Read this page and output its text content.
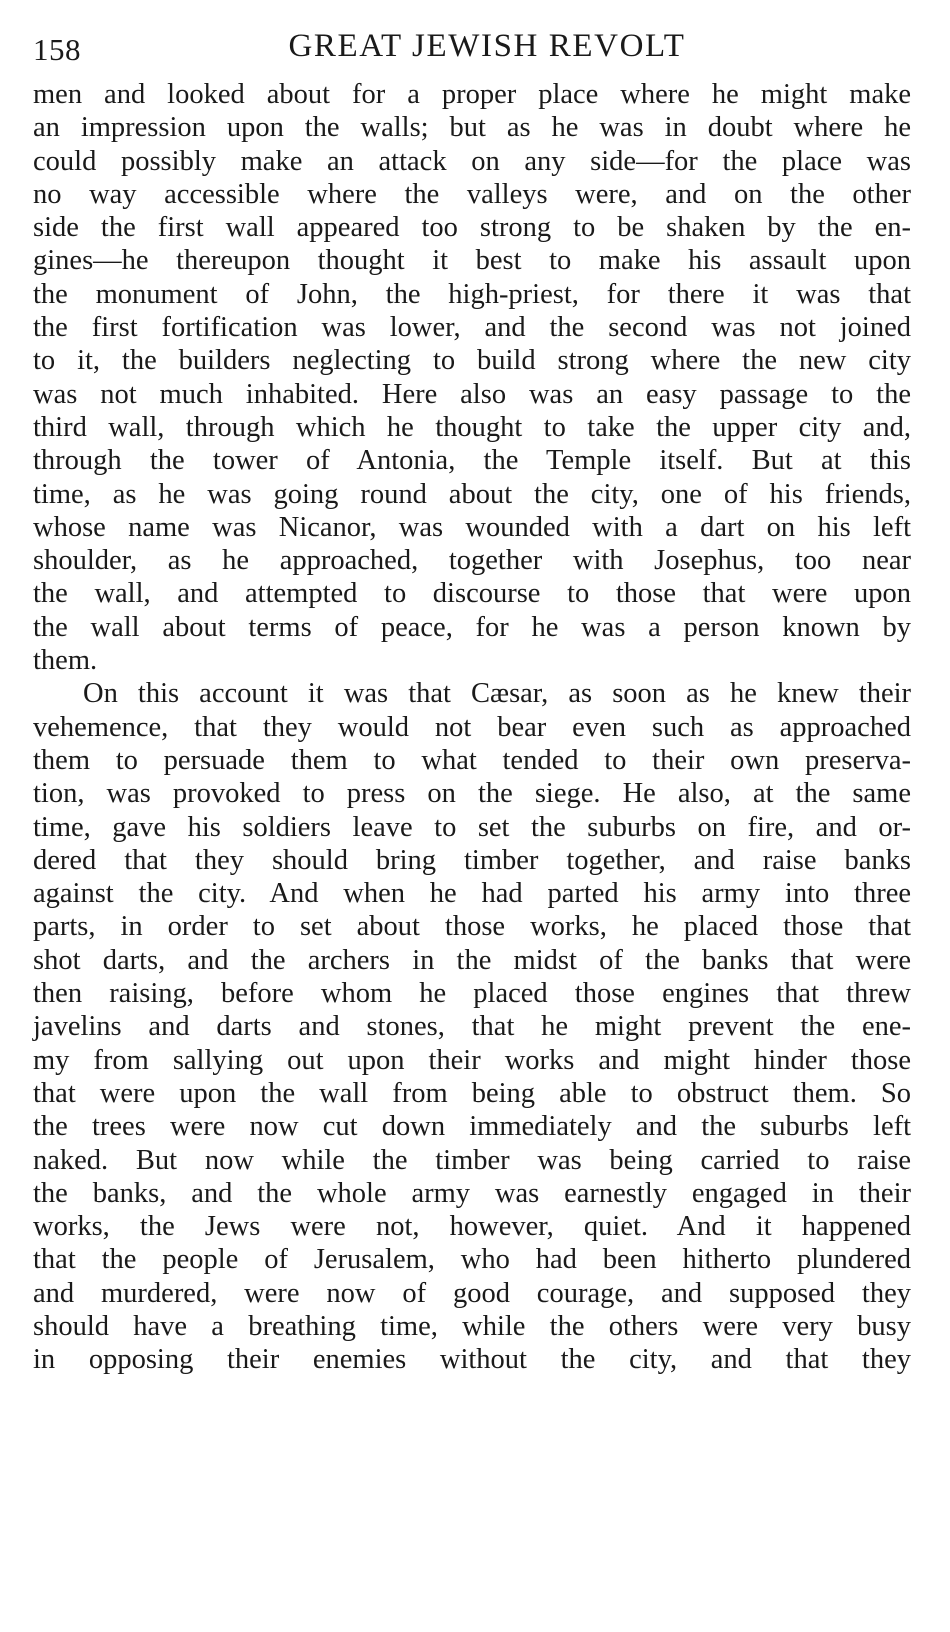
158	GREAT JEWISH REVOLT
men and looked about for a proper place where he might make
an impression upon the walls; but as he was in doubt where he
could possibly make an attack on any side—for the place was
no way accessible where the valleys were, and on the other
side the first wall appeared too strong to be shaken by the en-
gines—he thereupon thought it best to make his assault upon
the monument of John, the high-priest, for there it was that
the first fortification was lower, and the second was not joined
to it, the builders neglecting to build strong where the new city
was not much inhabited. Here also was an easy passage to the
third wall, through which he thought to take the upper city and,
through the tower of Antonia, the Temple itself. But at this
time, as he was going round about the city, one of his friends,
whose name was Nicanor, was wounded with a dart on his left
shoulder, as he approached, together with Josephus, too near
the wall, and attempted to discourse to those that were upon
the wall about terms of peace, for he was a person known by
them.
On this account it was that Cæsar, as soon as he knew their
vehemence, that they would not bear even such as approached
them to persuade them to what tended to their own preserva-
tion, was provoked to press on the siege. He also, at the same
time, gave his soldiers leave to set the suburbs on fire, and or-
dered that they should bring timber together, and raise banks
against the city. And when he had parted his army into three
parts, in order to set about those works, he placed those that
shot darts, and the archers in the midst of the banks that were
then raising, before whom he placed those engines that threw
javelins and darts and stones, that he might prevent the ene-
my from sallying out upon their works and might hinder those
that were upon the wall from being able to obstruct them. So
the trees were now cut down immediately and the suburbs left
naked. But now while the timber was being carried to raise
the banks, and the whole army was earnestly engaged in their
works, the Jews were not, however, quiet. And it happened
that the people of Jerusalem, who had been hitherto plundered
and murdered, were now of good courage, and supposed they
should have a breathing time, while the others were very busy
in opposing their enemies without the city, and that they
